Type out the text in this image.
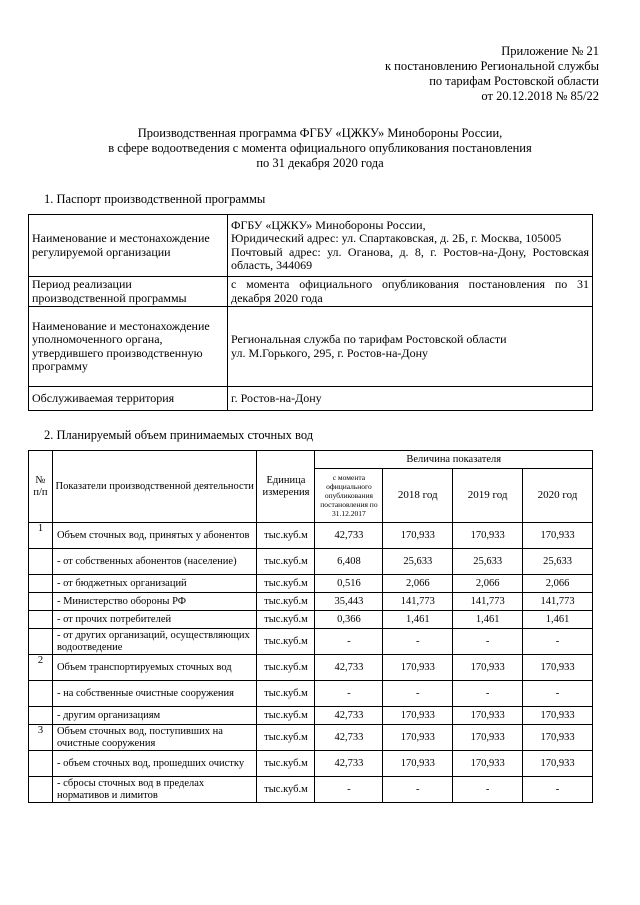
Приложение № 21
к постановлению Региональной службы
по тарифам Ростовской области
от 20.12.2018 № 85/22
Производственная программа ФГБУ «ЦЖКУ» Минобороны России,
в сфере водоотведения с момента официального опубликования постановления
по 31 декабря 2020 года
1. Паспорт производственной программы
Наименование и местонахождение регулируемой организации	ФГБУ «ЦЖКУ» Минобороны России,
Юридический адрес: ул. Спартаковская, д. 2Б, г. Москва, 105005
Почтовый адрес: ул. Оганова, д. 8, г. Ростов-на-Дону, Ростовская область, 344069

Период реализации производственной программы	с момента официального опубликования постановления по 31 декабря 2020 года

Наименование и местонахождение уполномоченного органа, утвердившего производственную программу	Региональная служба по тарифам Ростовской области
ул. М.Горького, 295, г. Ростов-на-Дону

Обслуживаемая территория	г. Ростов-на-Дону
2. Планируемый объем принимаемых сточных вод
№ п/п	Показатели производственной деятельности	Единица измерения	Величина показателя			
			с момента официального опубликования постановления по 31.12.2017	2018 год	2019 год	2020 год
1	Объем сточных вод, принятых у абонентов	тыс.куб.м	42,733	170,933	170,933	170,933
	- от собственных абонентов (население)	тыс.куб.м	6,408	25,633	25,633	25,633
	- от бюджетных организаций	тыс.куб.м	0,516	2,066	2,066	2,066
	- Министерство обороны РФ	тыс.куб.м	35,443	141,773	141,773	141,773
	- от прочих потребителей	тыс.куб.м	0,366	1,461	1,461	1,461
	- от других организаций, осуществляющих водоотведение	тыс.куб.м	-	-	-	-
2	Объем транспортируемых сточных вод	тыс.куб.м	42,733	170,933	170,933	170,933
	- на собственные очистные сооружения	тыс.куб.м	-	-	-	-
	- другим организациям	тыс.куб.м	42,733	170,933	170,933	170,933
3	Объем сточных вод, поступивших на очистные сооружения	тыс.куб.м	42,733	170,933	170,933	170,933
	- объем сточных вод, прошедших очистку	тыс.куб.м	42,733	170,933	170,933	170,933
	- сбросы сточных вод в пределах нормативов и лимитов	тыс.куб.м	-	-	-	-
